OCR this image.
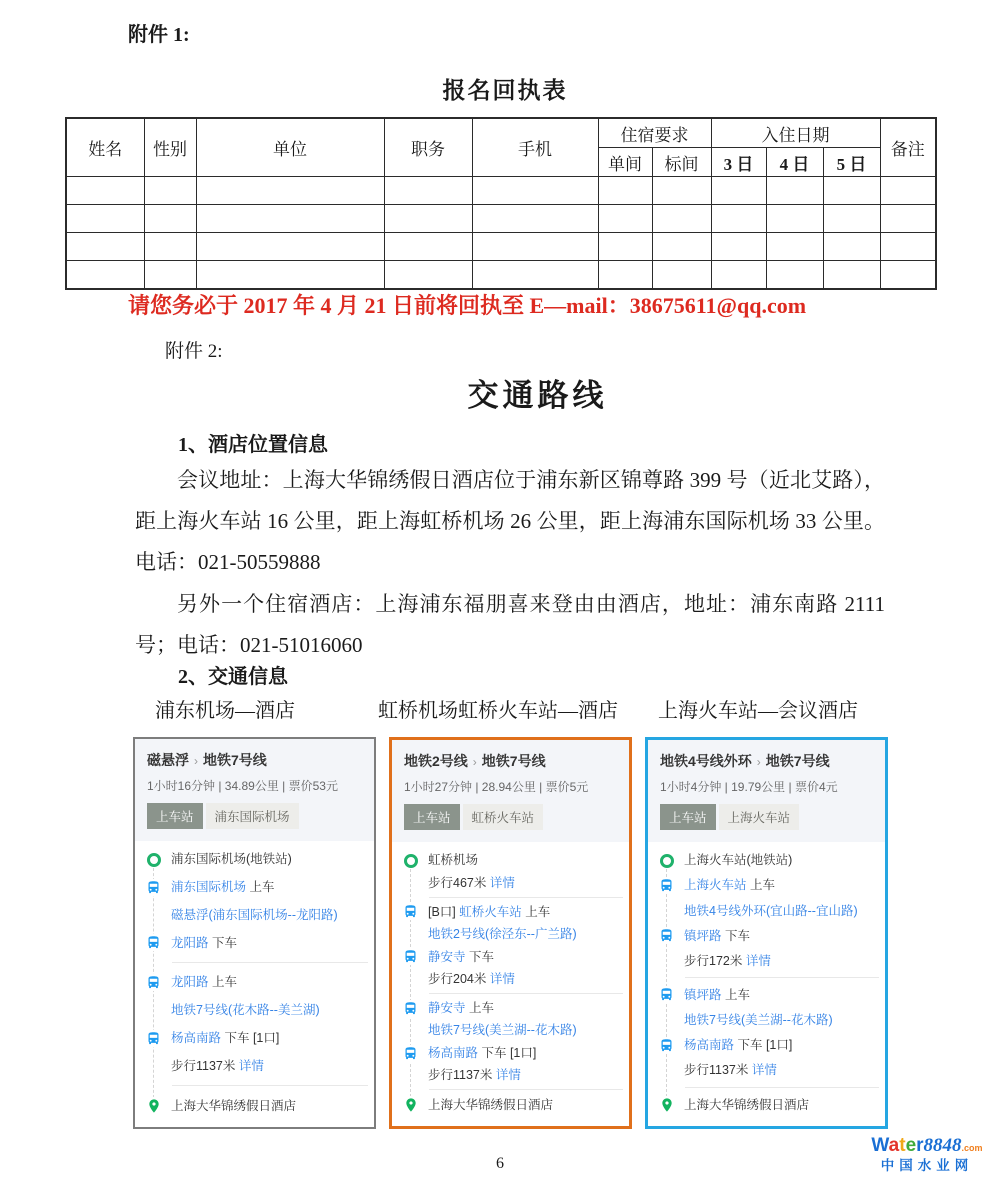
附件 1:
报名回执表
姓名	性别	单位	职务	手机	住宿要求		入住日期			备注
					单间	标间	3 日	4 日	5 日	

请您务必于 2017 年 4 月 21 日前将回执至 E—mail：38675611@qq.com
附件 2:
交通路线
1、酒店位置信息
会议地址：上海大华锦绣假日酒店位于浦东新区锦尊路 399 号（近北艾路），距上海火车站 16 公里，距上海虹桥机场 26 公里，距上海浦东国际机场 33 公里。电话：021-50559888
另外一个住宿酒店：上海浦东福朋喜来登由由酒店，地址：浦东南路 2111 号；电话：021-51016060
2、交通信息
浦东机场—酒店	虹桥机场虹桥火车站—酒店 上海火车站—会议酒店
磁悬浮 › 地铁7号线
1小时16分钟 | 34.89公里 | 票价53元
上车站 浦东国际机场
浦东国际机场(地铁站)
浦东国际机场 上车
磁悬浮(浦东国际机场--龙阳路)
龙阳路 下车
龙阳路 上车
地铁7号线(花木路--美兰湖)
杨高南路 下车 [1口]
步行1137米 详情
上海大华锦绣假日酒店
地铁2号线 › 地铁7号线
1小时27分钟 | 28.94公里 | 票价5元
上车站 虹桥火车站
虹桥机场
步行467米 详情
[B口] 虹桥火车站 上车
地铁2号线(徐泾东--广兰路)
静安寺 下车
步行204米 详情
静安寺 上车
地铁7号线(美兰湖--花木路)
杨高南路 下车 [1口]
步行1137米 详情
上海大华锦绣假日酒店
地铁4号线外环 › 地铁7号线
1小时4分钟 | 19.79公里 | 票价4元
上车站 上海火车站
上海火车站(地铁站)
上海火车站 上车
地铁4号线外环(宜山路--宜山路)
镇坪路 下车
步行172米 详情
镇坪路 上车
地铁7号线(美兰湖--花木路)
杨高南路 下车 [1口]
步行1137米 详情
上海大华锦绣假日酒店
6
Water8848.com
中国水业网
